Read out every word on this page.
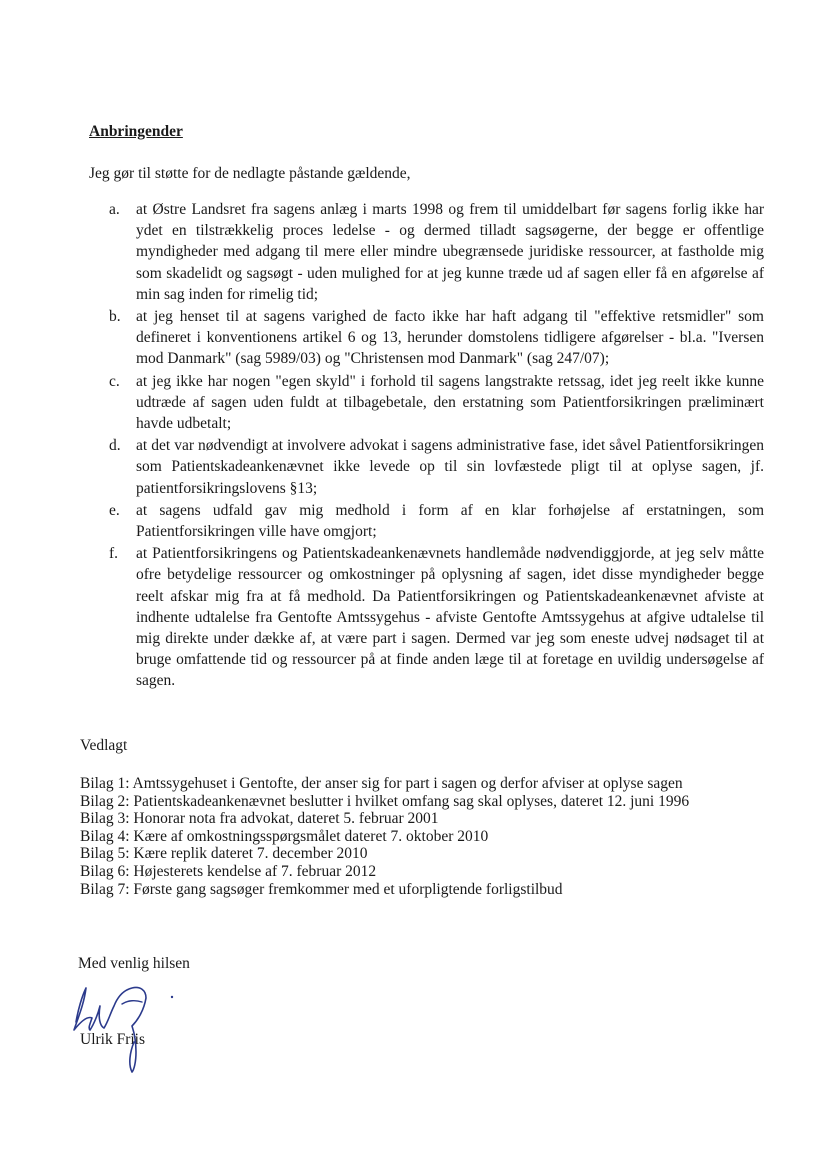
Anbringender
Jeg gør til støtte for de nedlagte påstande gældende,

a. at Østre Landsret fra sagens anlæg i marts 1998 og frem til umiddelbart før sagens forlig ikke har ydet en tilstrækkelig proces ledelse - og dermed tilladt sagsøgerne, der begge er offentlige myndigheder med adgang til mere eller mindre ubegrænsede juridiske ressourcer, at fastholde mig som skadelidt og sagsøgt - uden mulighed for at jeg kunne træde ud af sagen eller få en afgørelse af min sag inden for rimelig tid;

b. at jeg henset til at sagens varighed de facto ikke har haft adgang til "effektive retsmidler" som defineret i konventionens artikel 6 og 13, herunder domstolens tidligere afgørelser - bl.a. "Iversen mod Danmark" (sag 5989/03) og "Christensen mod Danmark" (sag 247/07);

c. at jeg ikke har nogen "egen skyld" i forhold til sagens langstrakte retssag, idet jeg reelt ikke kunne udtræde af sagen uden fuldt at tilbagebetale, den erstatning som Patientforsikringen præliminært havde udbetalt;

d. at det var nødvendigt at involvere advokat i sagens administrative fase, idet såvel Patientforsikringen som Patientskadeankenævnet ikke levede op til sin lovfæstede pligt til at oplyse sagen, jf. patientforsikringslovens §13;

e. at sagens udfald gav mig medhold i form af en klar forhøjelse af erstatningen, som Patientforsikringen ville have omgjort;

f. at Patientforsikringens og Patientskadeankenævnets handlemåde nødvendiggjorde, at jeg selv måtte ofre betydelige ressourcer og omkostninger på oplysning af sagen, idet disse myndigheder begge reelt afskar mig fra at få medhold. Da Patientforsikringen og Patientskadeankenævnet afviste at indhente udtalelse fra Gentofte Amtssygehus - afviste Gentofte Amtssygehus at afgive udtalelse til mig direkte under dække af, at være part i sagen. Dermed var jeg som eneste udvej nødsaget til at bruge omfattende tid og ressourcer på at finde anden læge til at foretage en uvildig undersøgelse af sagen.

Vedlagt
Bilag 1: Amtssygehuset i Gentofte, der anser sig for part i sagen og derfor afviser at oplyse sagen
Bilag 2: Patientskadeankenævnet beslutter i hvilket omfang sag skal oplyses, dateret 12. juni 1996
Bilag 3: Honorar nota fra advokat, dateret 5. februar 2001
Bilag 4: Kære af omkostningsspørgsmålet dateret 7. oktober 2010
Bilag 5: Kære replik dateret 7. december 2010
Bilag 6: Højesterets kendelse af 7. februar 2012
Bilag 7: Første gang sagsøger fremkommer med et uforpligtende forligstilbud
Med venlig hilsen
Ulrik Friis
